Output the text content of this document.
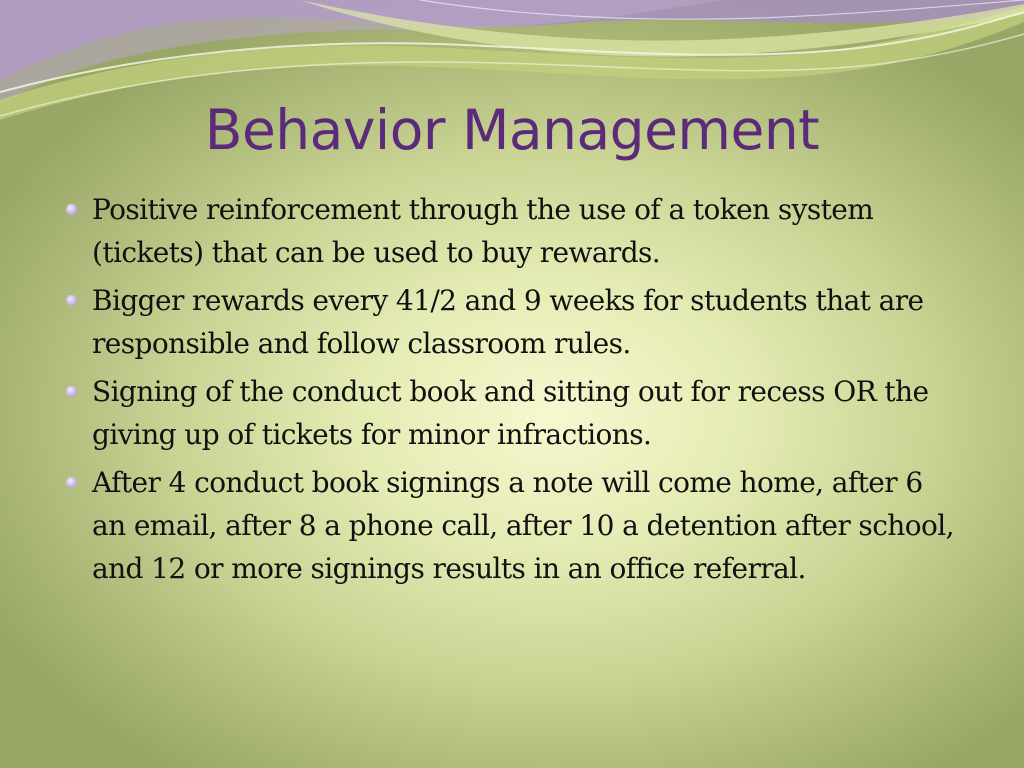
Behavior Management
Positive reinforcement through the use of a token system (tickets) that can be used to buy rewards.
Bigger rewards every 41/2 and 9 weeks for students that are responsible and follow classroom rules.
Signing of the conduct book and sitting out for recess OR the giving up of tickets for minor infractions.
After 4 conduct book signings a note will come home, after 6 an email, after 8 a phone call, after 10 a detention after school, and 12 or more signings results in an office referral.
